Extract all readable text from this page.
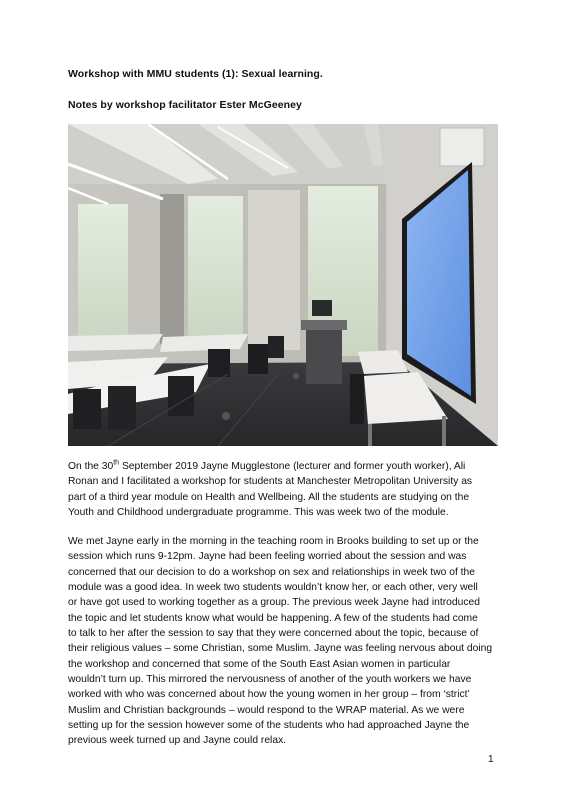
Workshop with MMU students (1): Sexual learning.
Notes by workshop facilitator Ester McGeeney
On the 30th September 2019 Jayne Mugglestone (lecturer and former youth worker), Ali
Ronan and I facilitated a workshop for students at Manchester Metropolitan University as
part of a third year module on Health and Wellbeing. All the students are studying on the
Youth and Childhood undergraduate programme. This was week two of the module.
We met Jayne early in the morning in the teaching room in Brooks building to set up or the
session which runs 9-12pm. Jayne had been feeling worried about the session and was
concerned that our decision to do a workshop on sex and relationships in week two of the
module was a good idea. In week two students wouldn’t know her, or each other, very well
or have got used to working together as a group. The previous week Jayne had introduced
the topic and let students know what would be happening. A few of the students had come
to talk to her after the session to say that they were concerned about the topic, because of
their religious values – some Christian, some Muslim. Jayne was feeling nervous about doing
the workshop and concerned that some of the South East Asian women in particular
wouldn’t turn up. This mirrored the nervousness of another of the youth workers we have
worked with who was concerned about how the young women in her group – from ‘strict’
Muslim and Christian backgrounds – would respond to the WRAP material. As we were
setting up for the session however some of the students who had approached Jayne the
previous week turned up and Jayne could relax.
1
